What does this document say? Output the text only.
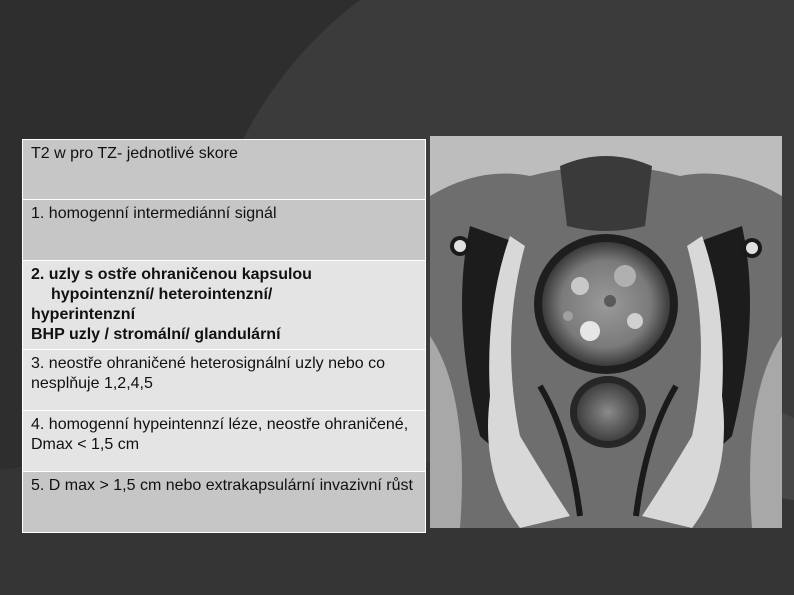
T2 w pro TZ- jednotlivé skore
1. homogenní intermediánní signál

2. uzly s ostře ohraničenou kapsulou
hypointenzní/ heterointenzní/
hyperintenzní
BHP uzly / stromální/ glandulární

3. neostře ohraničené heterosignální uzly nebo co nesplňuje 1,2,4,5
4. homogenní hypeintennzí léze, neostře ohraničené, Dmax < 1,5 cm
5. D max > 1,5 cm nebo extrakapsulární invazivní růst
